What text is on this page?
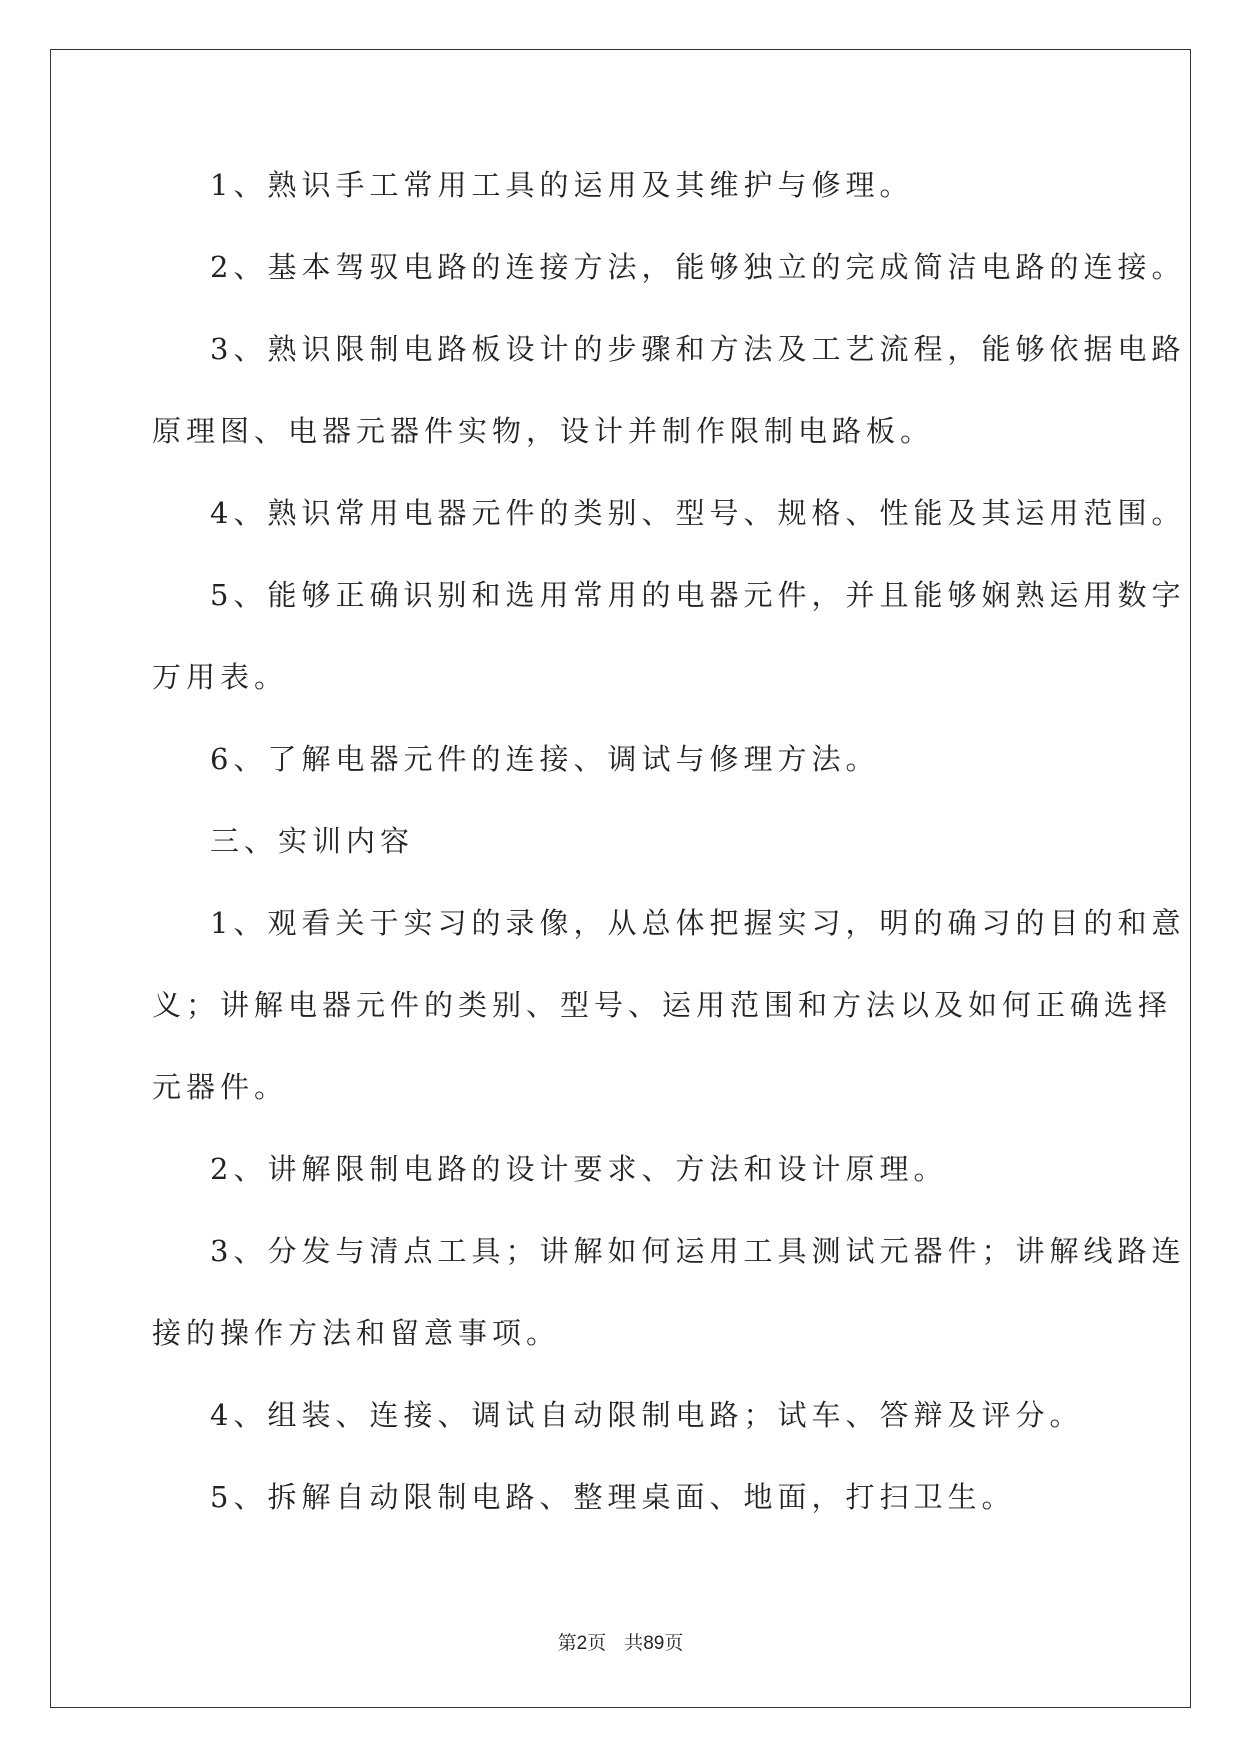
1、熟识手工常用工具的运用及其维护与修理。
2、基本驾驭电路的连接方法，能够独立的完成简洁电路的连接。
3、熟识限制电路板设计的步骤和方法及工艺流程，能够依据电路
原理图、电器元器件实物，设计并制作限制电路板。
4、熟识常用电器元件的类别、型号、规格、性能及其运用范围。
5、能够正确识别和选用常用的电器元件，并且能够娴熟运用数字
万用表。
6、了解电器元件的连接、调试与修理方法。
三、实训内容
1、观看关于实习的录像，从总体把握实习，明的确习的目的和意
义；讲解电器元件的类别、型号、运用范围和方法以及如何正确选择
元器件。
2、讲解限制电路的设计要求、方法和设计原理。
3、分发与清点工具；讲解如何运用工具测试元器件；讲解线路连
接的操作方法和留意事项。
4、组装、连接、调试自动限制电路；试车、答辩及评分。
5、拆解自动限制电路、整理桌面、地面，打扫卫生。
第2页 共89页
